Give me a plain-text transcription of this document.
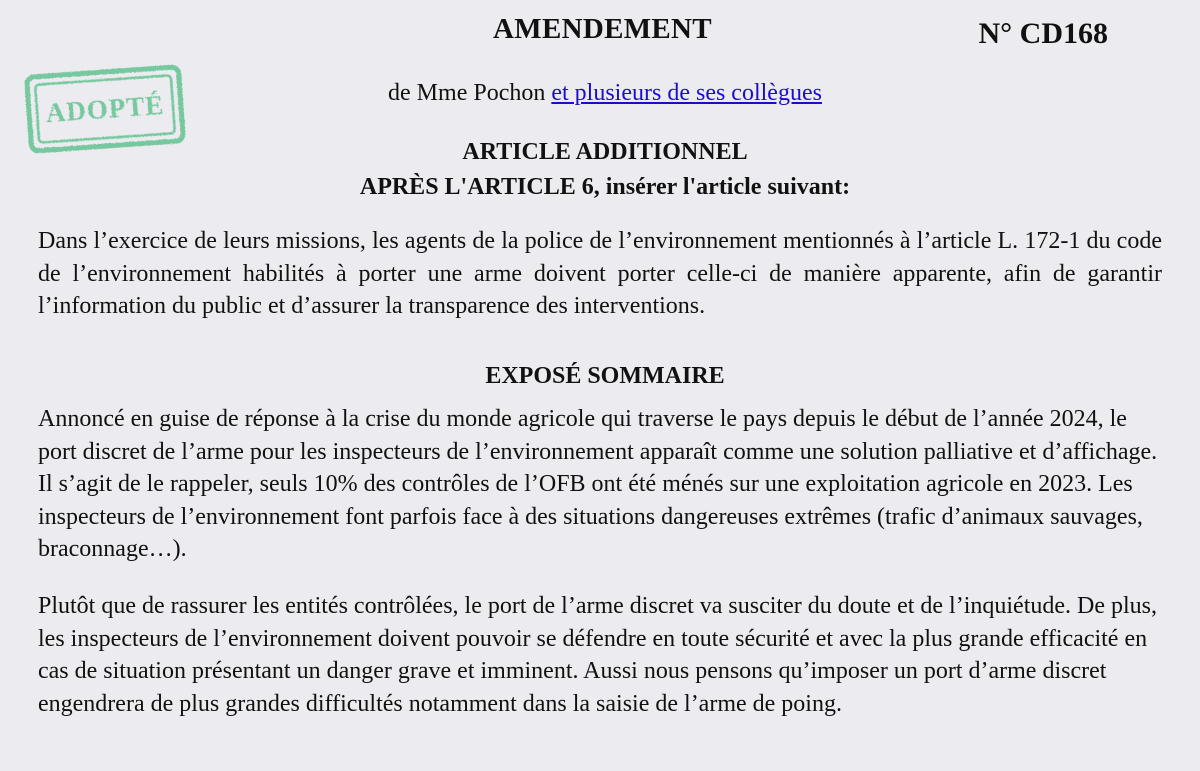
AMENDEMENT	N° CD168
ADOPTÉ	de Mme Pochon et plusieurs de ses collègues
ARTICLE ADDITIONNEL
APRÈS L'ARTICLE 6, insérer l'article suivant:
Dans l’exercice de leurs missions, les agents de la police de l’environnement mentionnés à l’article L. 172-1 du code de l’environnement habilités à porter une arme doivent porter celle-ci de manière apparente, afin de garantir l’information du public et d’assurer la transparence des interventions.
EXPOSÉ SOMMAIRE
Annoncé en guise de réponse à la crise du monde agricole qui traverse le pays depuis le début de l’année 2024, le port discret de l’arme pour les inspecteurs de l’environnement apparaît comme une solution palliative et d’affichage. Il s’agit de le rappeler, seuls 10% des contrôles de l’OFB ont été ménés sur une exploitation agricole en 2023. Les inspecteurs de l’environnement font parfois face à des situations dangereuses extrêmes (trafic d’animaux sauvages, braconnage…).
Plutôt que de rassurer les entités contrôlées, le port de l’arme discret va susciter du doute et de l’inquiétude. De plus, les inspecteurs de l’environnement doivent pouvoir se défendre en toute sécurité et avec la plus grande efficacité en cas de situation présentant un danger grave et imminent. Aussi nous pensons qu’imposer un port d’arme discret engendrera de plus grandes difficultés notamment dans la saisie de l’arme de poing.
